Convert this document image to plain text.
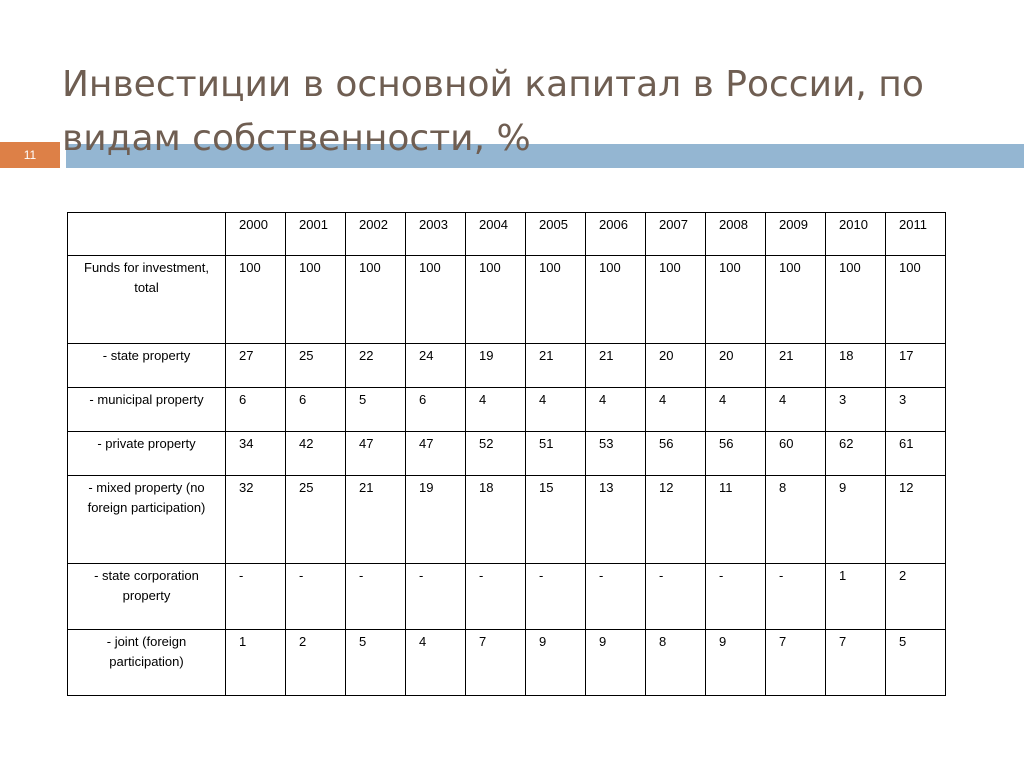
Инвестиции в основной капитал в России, по видам собственности, %
11
	2000	2001	2002	2003	2004	2005	2006	2007	2008	2009	2010	2011
Funds for investment, total	100	100	100	100	100	100	100	100	100	100	100	100
- state property	27	25	22	24	19	21	21	20	20	21	18	17
- municipal property	6	6	5	6	4	4	4	4	4	4	3	3
- private property	34	42	47	47	52	51	53	56	56	60	62	61
- mixed property (no foreign participation)	32	25	21	19	18	15	13	12	11	8	9	12
- state corporation property	-	-	-	-	-	-	-	-	-	-	1	2
- joint (foreign participation)	1	2	5	4	7	9	9	8	9	7	7	5
